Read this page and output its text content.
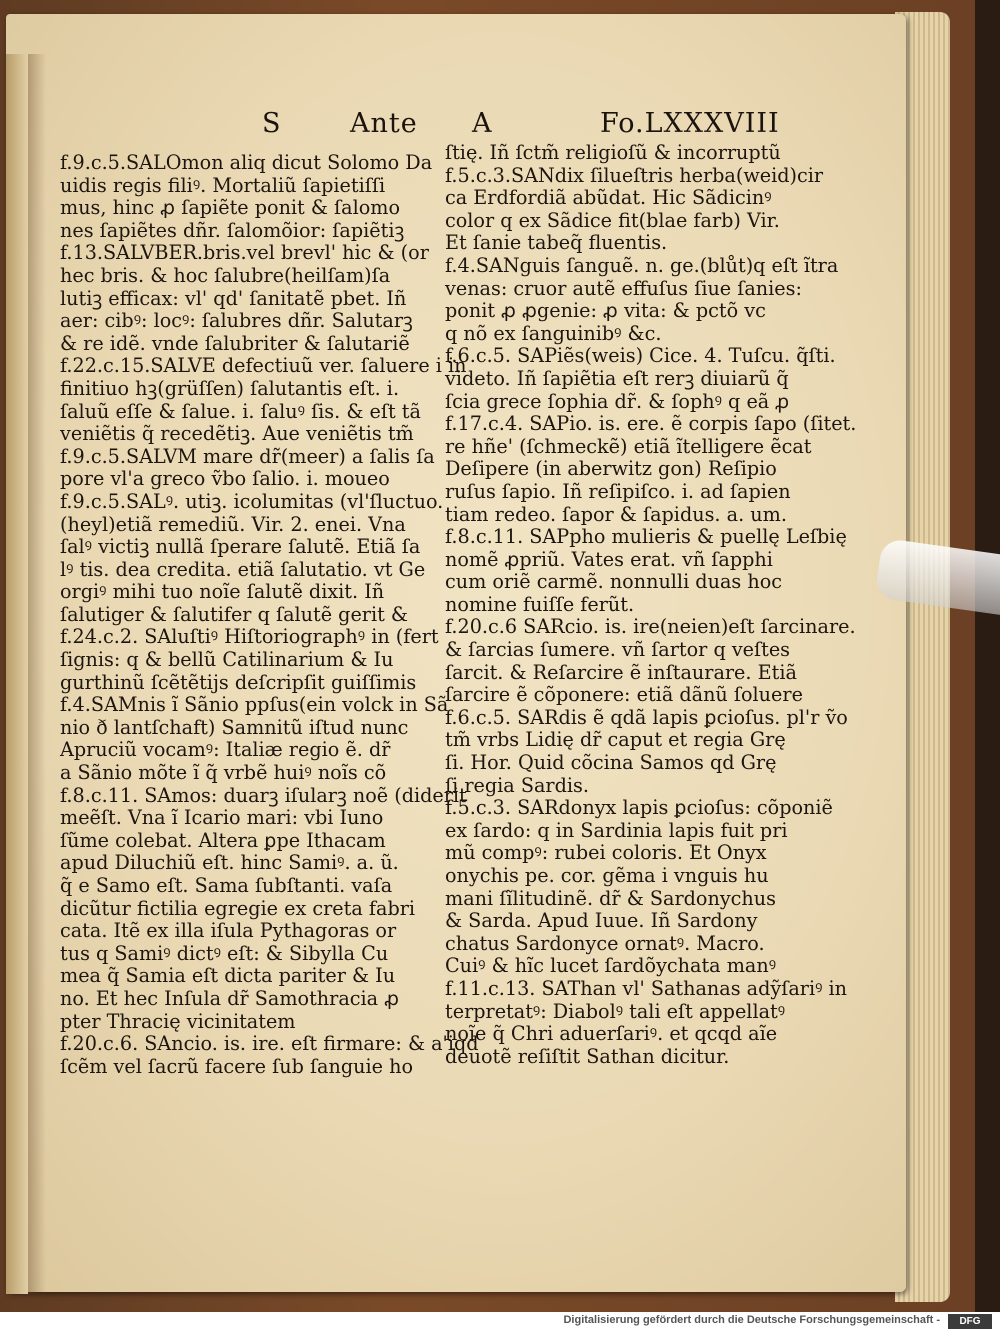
S	Ante A	Fo.LXXXVIII
f.9.c.5.SALOmon aliq dicut Solomo Da
uidis regis filiꝰ. Mortaliũ ſapietiſſi
mus, hinc ꝓ ſapiẽte ponit & ſalomo
nes ſapiẽtes dñr. ſalomõior: ſapiẽtiꝫ
f.13.SALVBER.bris.vel brevl' hic & (or
hec bris. & hoc ſalubre(heilſam)ſa
lutiꝫ efficax: vl' qd' ſanitatẽ pbet. Iñ
aer: cibꝰ: locꝰ: ſalubres dñr. Salutarꝫ
& re idẽ. vnde ſalubriter & ſalutariẽ
f.22.c.15.SALVE defectiuũ ver. ſaluere i in
finitiuo hꝫ(grüſſen) ſalutantis eſt. i.
ſaluũ eſſe & ſalue. i. ſaluꝰ ſis. & eſt tã
veniẽtis q̃ recedẽtiꝫ. Aue veniẽtis tm̃
f.9.c.5.SALVM mare dr̃(meer) a ſalis ſa
pore vl'a greco ṽbo ſalio. i. moueo
f.9.c.5.SALꝰ. utiꝫ. icolumitas (vl'ſluctuo.
(heyl)etiã remediũ. Vir. 2. enei. Vna
ſalꝰ victiꝫ nullã ſperare ſalutẽ. Etiã ſa
lꝰ tis. dea credita. etiã ſalutatio. vt Ge
orgiꝰ mihi tuo noĩe ſalutẽ dixit. Iñ
ſalutiger & ſalutifer q ſalutẽ gerit &
f.24.c.2. SAluſtiꝰ Hiſtoriographꝰ in (fert
ſignis: q & bellũ Catilinarium & Iu
gurthinũ ſcẽtẽtijs deſcripſit guiſſimis
f.4.SAMnis ĩ Sãnio ppſus(ein volck in Sã
nio ð lantſchaft) Samnitũ iſtud nunc
Apruciũ vocamꝰ: Italiæ regio ẽ. dr̃
a Sãnio mõte ĩ q̃ vrbẽ huiꝰ noĩs cõ
f.8.c.11. SAmos: duarꝫ iſularꝫ noẽ (diderit
meẽſt. Vna ĩ Icario mari: vbi Iuno
ſũme colebat. Altera ꝑpe Ithacam
apud Diluchiũ eſt. hinc Samiꝰ. a. ũ.
q̃ e Samo eſt. Sama ſubſtanti. vaſa
dicũtur fictilia egregie ex creta fabri
cata. Itẽ ex illa iſula Pythagoras or
tus q Samiꝰ dictꝰ eſt: & Sibylla Cu
mea q̃ Samia eſt dicta pariter & Iu
no. Et hec Inſula dr̃ Samothracia ꝓ
pter Thracię vicinitatem
f.20.c.6. SAncio. is. ire. eſt firmare: & a'iqd
ſcẽm vel ſacrũ facere ſub ſanguie ho
ſtię. Iñ ſctm̃ religioſũ & incorruptũ
f.5.c.3.SANdix ſilueſtris herba(weid)cir
ca Erdfordiã abũdat. Hic Sãdicinꝰ
color q ex Sãdice fit(blae farb) Vir.
Et ſanie tabeq̃ fluentis.
f.4.SANguis ſanguẽ. n. ge.(blůt)q eſt ĩtra
venas: cruor autẽ effuſus ſiue ſanies:
ponit ꝓ ꝓgenie: ꝓ vita: & pctõ vc
q nõ ex ſanguinibꝰ &c.
f.6.c.5. SAPiẽs(weis) Cice. 4. Tuſcu. q̃ſti.
videto. Iñ ſapiẽtia eſt rerꝫ diuiarũ q̃
ſcia grece ſophia dr̃. & ſophꝰ q eã ꝓ
f.17.c.4. SAPio. is. ere. ẽ corpis ſapo (ſitet.
re hñe' (ſchmeckẽ) etiã ĩtelligere ẽcat
Deſipere (in aberwitz gon) Reſipio
ruſus ſapio. Iñ reſipiſco. i. ad ſapien
tiam redeo. ſapor & ſapidus. a. um.
f.8.c.11. SAPpho mulieris & puellę Leſbię
nomẽ ꝓpriũ. Vates erat. vñ ſapphi
cum oriẽ carmẽ. nonnulli duas hoc
nomine fuiſſe ferũt.
f.20.c.6 SARcio. is. ire(neien)eſt ſarcinare.
& ſarcias ſumere. vñ ſartor q veſtes
ſarcit. & Reſarcire ẽ inſtaurare. Etiã
ſarcire ẽ cõponere: etiã dãnũ ſoluere
f.6.c.5. SARdis ẽ qdã lapis ꝑcioſus. pl'r ṽo
tm̃ vrbs Lidię dr̃ caput et regia Grę
ſi. Hor. Quid cõcina Samos qd Grę
ſi regia Sardis.
f.5.c.3. SARdonyx lapis ꝑcioſus: cõponiẽ
ex ſardo: q in Sardinia lapis fuit pri
mũ compꝰ: rubei coloris. Et Onyx
onychis pe. cor. gẽma i vnguis hu
mani ſĩlitudinẽ. dr̃ & Sardonychus
& Sarda. Apud Iuue. Iñ Sardony
chatus Sardonyce ornatꝰ. Macro.
Cuiꝰ & hĩc lucet ſardõychata manꝰ
f.11.c.13. SAThan vl' Sathanas adỹſariꝰ in
terpretatꝰ: Diabolꝰ tali eſt appellatꝰ
noĩe q̃ Chri aduerſariꝰ. et qcqd aĩe
deuotẽ reſiſtit Sathan dicitur.
Digitalisierung gefördert durch die Deutsche Forschungsgemeinschaft -	DFG
